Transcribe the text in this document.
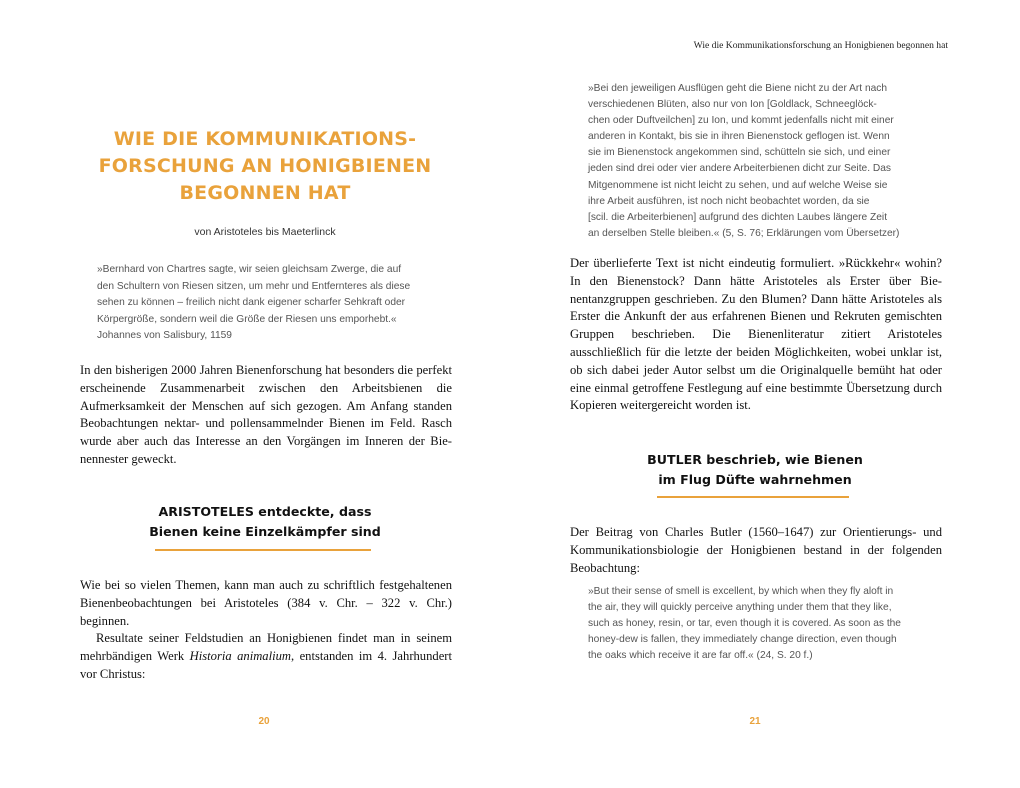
WIE DIE KOMMUNIKATIONS-
FORSCHUNG AN HONIGBIENEN
BEGONNEN HAT
von Aristoteles bis Maeterlinck
»Bernhard von Chartres sagte, wir seien gleichsam Zwerge, die auf
den Schultern von Riesen sitzen, um mehr und Entfernteres als diese
sehen zu können – freilich nicht dank eigener scharfer Sehkraft oder
Körpergröße, sondern weil die Größe der Riesen uns emporhebt.«
Johannes von Salisbury, 1159

In den bisherigen 2000 Jahren Bienenforschung hat besonders die perfekt erscheinende Zusammenarbeit zwischen den Arbeitsbienen die Aufmerksamkeit der Menschen auf sich gezogen. Am Anfang standen Beobachtungen nektar- und pollensammelnder Bienen im Feld. Rasch wurde aber auch das Interesse an den Vorgängen im Inneren der Bienennester geweckt.

ARISTOTELES entdeckte, dass
Bienen keine Einzelkämpfer sind

Wie bei so vielen Themen, kann man auch zu schriftlich festgehaltenen Bienenbeobachtungen bei Aristoteles (384 v. Chr. – 322 v. Chr.) beginnen.

Resultate seiner Feldstudien an Honigbienen findet man in seinem mehrbändigen Werk Historia animalium, entstanden im 4. Jahrhundert vor Christus:

20
Wie die Kommunikationsforschung an Honigbienen begonnen hat
»Bei den jeweiligen Ausflügen geht die Biene nicht zu der Art nach
verschiedenen Blüten, also nur von Ion [Goldlack, Schneeglöck-
chen oder Duftveilchen] zu Ion, und kommt jedenfalls nicht mit einer
anderen in Kontakt, bis sie in ihren Bienenstock geflogen ist. Wenn
sie im Bienenstock angekommen sind, schütteln sie sich, und einer
jeden sind drei oder vier andere Arbeiterbienen dicht zur Seite. Das
Mitgenommene ist nicht leicht zu sehen, und auf welche Weise sie
ihre Arbeit ausführen, ist noch nicht beobachtet worden, da sie
[scil. die Arbeiterbienen] aufgrund des dichten Laubes längere Zeit
an derselben Stelle bleiben.« (5, S. 76; Erklärungen vom Übersetzer)

Der überlieferte Text ist nicht eindeutig formuliert. »Rückkehr« wohin? In den Bienenstock? Dann hätte Aristoteles als Erster über Bienentanzgruppen geschrieben. Zu den Blumen? Dann hätte Aristoteles als Erster die Ankunft der aus erfahrenen Bienen und Rekruten gemischten Gruppen beschrieben. Die Bienenliteratur zitiert Aristoteles ausschließlich für die letzte der beiden Möglichkeiten, wobei unklar ist, ob sich dabei jeder Autor selbst um die Originalquelle bemüht hat oder eine einmal getroffene Festlegung auf eine bestimmte Übersetzung durch Kopieren weitergereicht worden ist.

BUTLER beschrieb, wie Bienen
im Flug Düfte wahrnehmen

Der Beitrag von Charles Butler (1560–1647) zur Orientierungs- und Kommunikationsbiologie der Honigbienen bestand in der folgenden Beobachtung:

»But their sense of smell is excellent, by which when they fly aloft in
the air, they will quickly perceive anything under them that they like,
such as honey, resin, or tar, even though it is covered. As soon as the
honey-dew is fallen, they immediately change direction, even though
the oaks which receive it are far off.« (24, S. 20 f.)
21
